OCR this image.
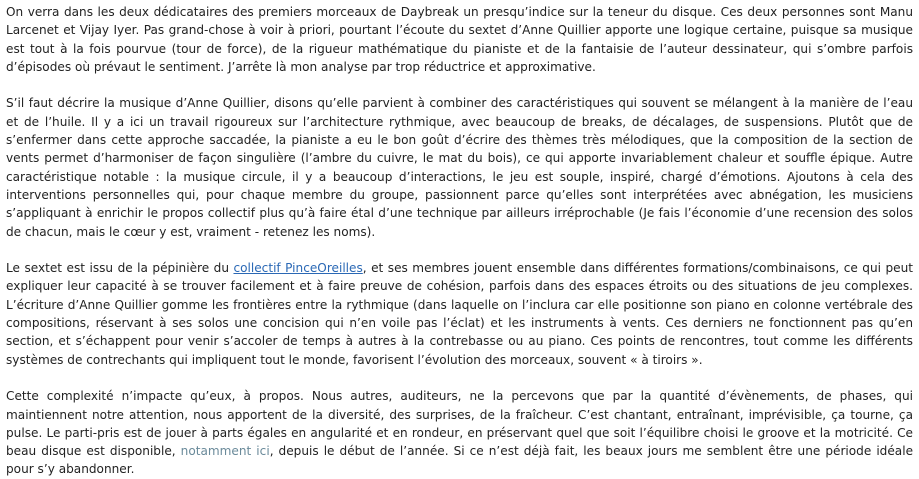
On verra dans les deux dédicataires des premiers morceaux de Daybreak un presqu’indice sur la teneur du disque. Ces deux personnes sont Manu Larcenet et Vijay Iyer. Pas grand-chose à voir à priori, pourtant l’écoute du sextet d’Anne Quillier apporte une logique certaine, puisque sa musique est tout à la fois pourvue (tour de force), de la rigueur mathématique du pianiste et de la fantaisie de l’auteur dessinateur, qui s’ombre parfois d’épisodes où prévaut le sentiment. J’arrête là mon analyse par trop réductrice et approximative.

S’il faut décrire la musique d’Anne Quillier, disons qu’elle parvient à combiner des caractéristiques qui souvent se mélangent à la manière de l’eau et de l’huile. Il y a ici un travail rigoureux sur l’architecture rythmique, avec beaucoup de breaks, de décalages, de suspensions. Plutôt que de s’enfermer dans cette approche saccadée, la pianiste a eu le bon goût d’écrire des thèmes très mélodiques, que la composition de la section de vents permet d’harmoniser de façon singulière (l’ambre du cuivre, le mat du bois), ce qui apporte invariablement chaleur et souffle épique. Autre caractéristique notable : la musique circule, il y a beaucoup d’interactions, le jeu est souple, inspiré, chargé d’émotions. Ajoutons à cela des interventions personnelles qui, pour chaque membre du groupe, passionnent parce qu’elles sont interprétées avec abnégation, les musiciens s’appliquant à enrichir le propos collectif plus qu’à faire étal d’une technique par ailleurs irréprochable (Je fais l’économie d’une recension des solos de chacun, mais le cœur y est, vraiment - retenez les noms).

Le sextet est issu de la pépinière du collectif PinceOreilles, et ses membres jouent ensemble dans différentes formations/combinaisons, ce qui peut expliquer leur capacité à se trouver facilement et à faire preuve de cohésion, parfois dans des espaces étroits ou des situations de jeu complexes. L’écriture d’Anne Quillier gomme les frontières entre la rythmique (dans laquelle on l’inclura car elle positionne son piano en colonne vertébrale des compositions, réservant à ses solos une concision qui n’en voile pas l’éclat) et les instruments à vents. Ces derniers ne fonctionnent pas qu’en section, et s’échappent pour venir s’accoler de temps à autres à la contrebasse ou au piano. Ces points de rencontres, tout comme les différents systèmes de contrechants qui impliquent tout le monde, favorisent l’évolution des morceaux, souvent « à tiroirs ».

Cette complexité n’impacte qu’eux, à propos. Nous autres, auditeurs, ne la percevons que par la quantité d’évènements, de phases, qui maintiennent notre attention, nous apportent de la diversité, des surprises, de la fraîcheur. C’est chantant, entraînant, imprévisible, ça tourne, ça pulse. Le parti-pris est de jouer à parts égales en angularité et en rondeur, en préservant quel que soit l’équilibre choisi le groove et la motricité. Ce beau disque est disponible, notamment ici, depuis le début de l’année. Si ce n’est déjà fait, les beaux jours me semblent être une période idéale pour s’y abandonner.
